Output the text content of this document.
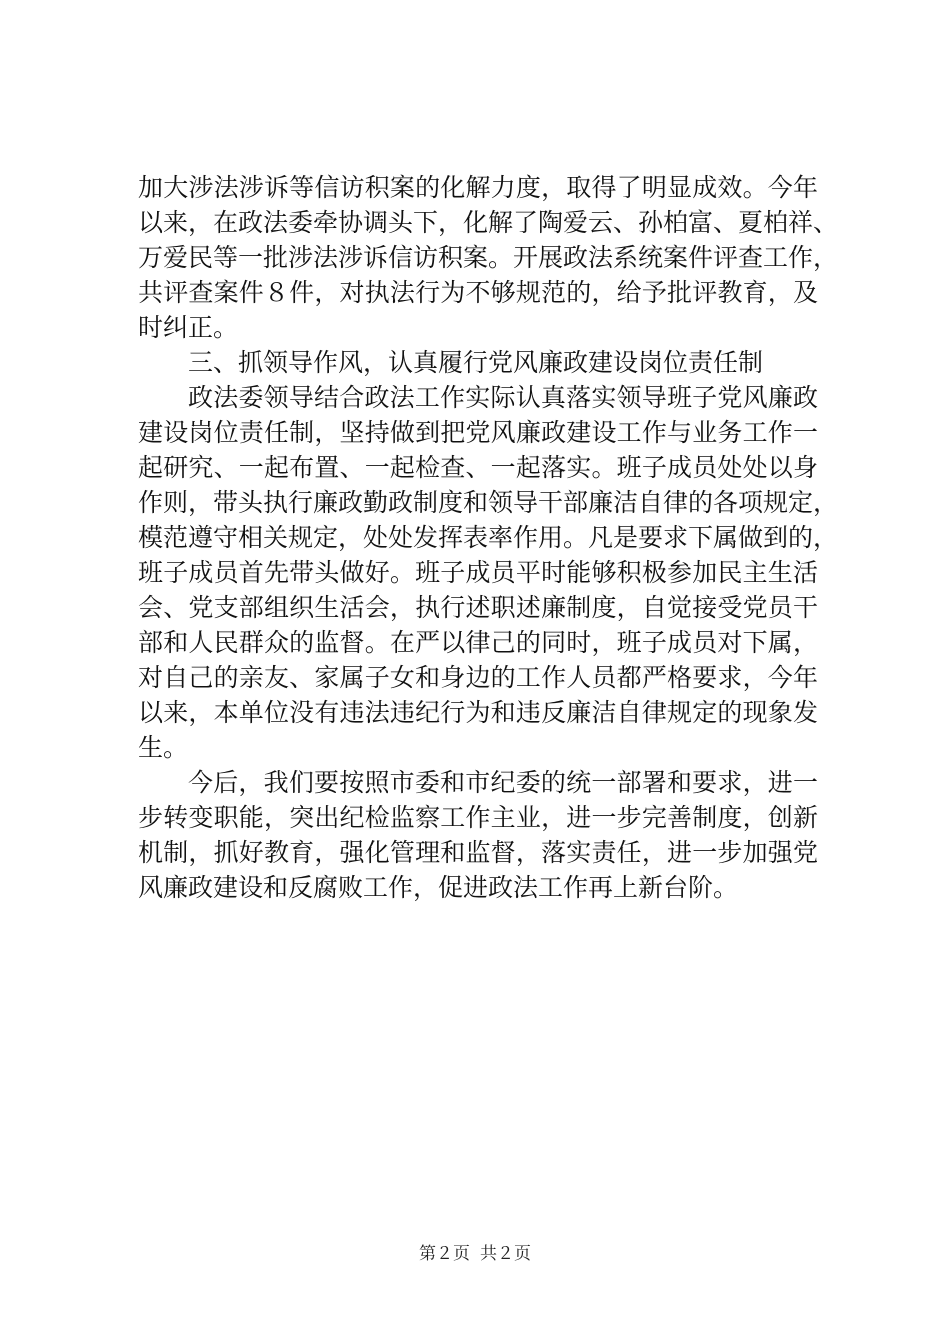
加大涉法涉诉等信访积案的化解力度，取得了明显成效。今年
以来，在政法委牵协调头下，化解了陶爱云、孙柏富、夏柏祥、
万爱民等一批涉法涉诉信访积案。开展政法系统案件评查工作，
共评查案件８件，对执法行为不够规范的，给予批评教育，及
时纠正。
三、抓领导作风，认真履行党风廉政建设岗位责任制
政法委领导结合政法工作实际认真落实领导班子党风廉政
建设岗位责任制，坚持做到把党风廉政建设工作与业务工作一
起研究、一起布置、一起检查、一起落实。班子成员处处以身
作则，带头执行廉政勤政制度和领导干部廉洁自律的各项规定，
模范遵守相关规定，处处发挥表率作用。凡是要求下属做到的，
班子成员首先带头做好。班子成员平时能够积极参加民主生活
会、党支部组织生活会，执行述职述廉制度，自觉接受党员干
部和人民群众的监督。在严以律己的同时，班子成员对下属，
对自己的亲友、家属子女和身边的工作人员都严格要求，今年
以来，本单位没有违法违纪行为和违反廉洁自律规定的现象发
生。
今后，我们要按照市委和市纪委的统一部署和要求，进一
步转变职能，突出纪检监察工作主业，进一步完善制度，创新
机制，抓好教育，强化管理和监督，落实责任，进一步加强党
风廉政建设和反腐败工作，促进政法工作再上新台阶。
第２页 共２页
